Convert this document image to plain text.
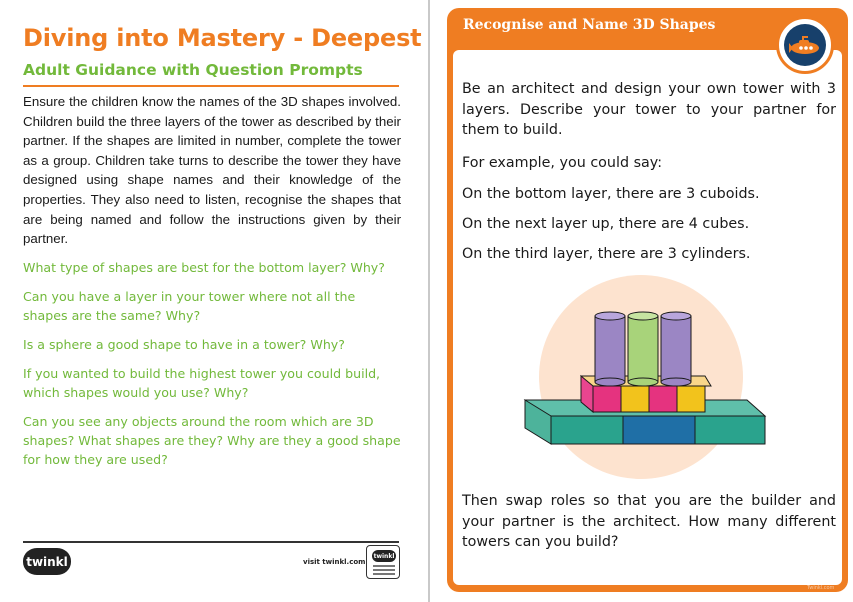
Diving into Mastery - Deepest
Adult Guidance with Question Prompts

Ensure the children know the names of the 3D shapes involved. Children build the three layers of the tower as described by their partner. If the shapes are limited in number, complete the tower as a group. Children take turns to describe the tower they have designed using shape names and their knowledge of the properties. They also need to listen, recognise the shapes that are being named and follow the instructions given by their partner.

What type of shapes are best for the bottom layer? Why?

Can you have a layer in your tower where not all the shapes are the same? Why?

Is a sphere a good shape to have in a tower? Why?

If you wanted to build the highest tower you could build, which shapes would you use? Why?

Can you see any objects around the room which are 3D shapes? What shapes are they? Why are they a good shape for how they are used?

twinkl	visit twinkl.com
twinkl
Recognise and Name 3D Shapes
Twinkl.com

Be an architect and design your own tower with 3 layers. Describe your tower to your partner for them to build.

For example, you could say:

On the bottom layer, there are 3 cuboids.

On the next layer up, there are 4 cubes.

On the third layer, there are 3 cylinders.

Then swap roles so that you are the builder and your partner is the architect. How many different towers can you build?
